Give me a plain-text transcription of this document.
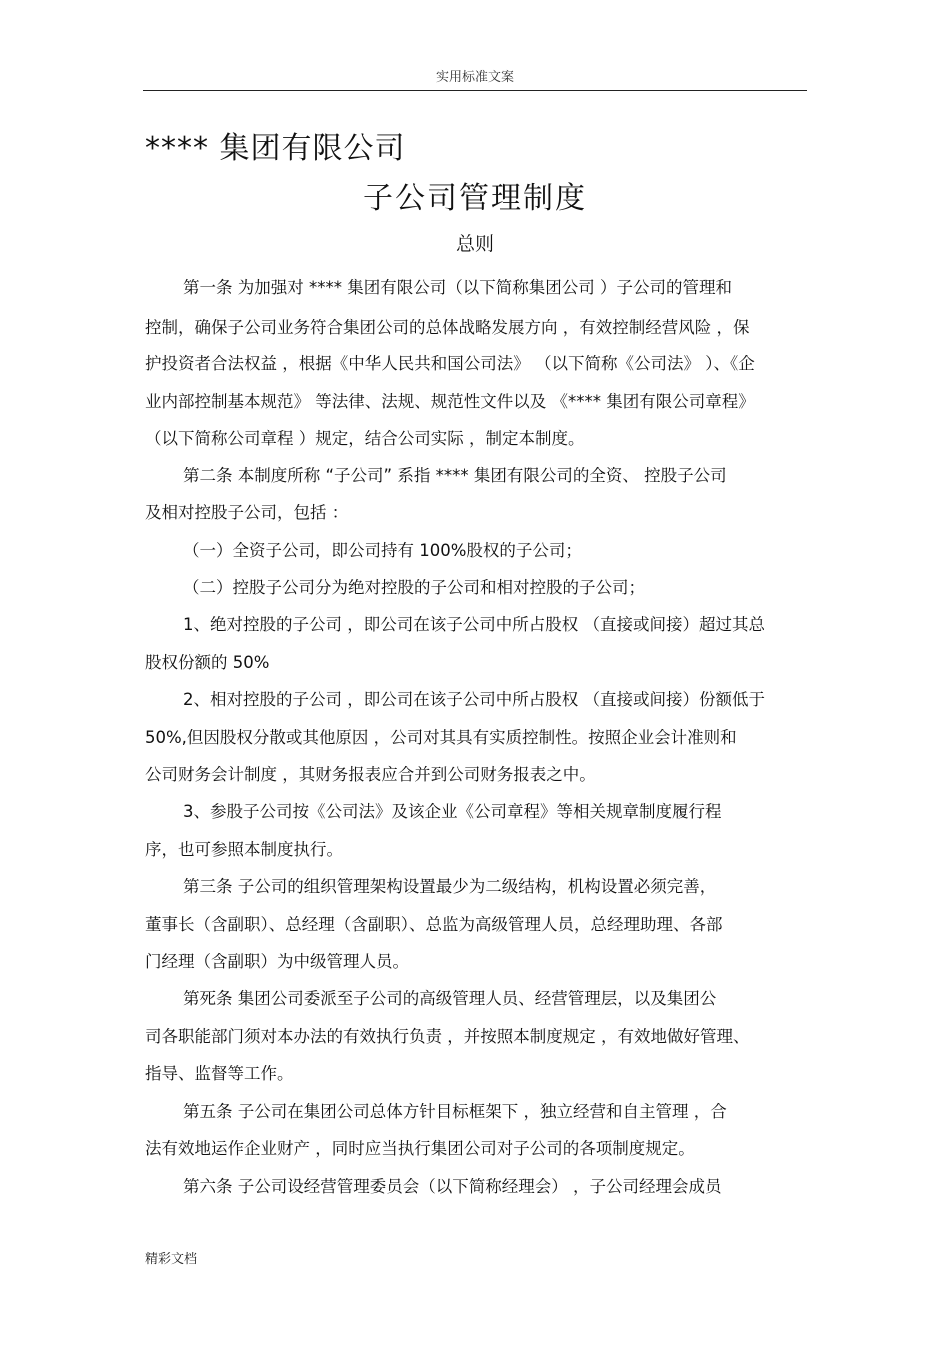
实用标准文案
**** 集团有限公司
子公司管理制度
总则
第一条 为加强对 **** 集团有限公司（以下简称集团公司 ）子公司的管理和
控制，确保子公司业务符合集团公司的总体战略发展方向 ，有效控制经营风险 ，保
护投资者合法权益 ，根据《中华人民共和国公司法》 （以下简称《公司法》 ）、《企
业内部控制基本规范》 等法律、法规、规范性文件以及 《**** 集团有限公司章程》
（以下简称公司章程 ）规定，结合公司实际 ，制定本制度。
第二条 本制度所称 “子公司” 系指 **** 集团有限公司的全资、 控股子公司
及相对控股子公司，包括 ：
（一）全资子公司，即公司持有 100%股权的子公司；
（二）控股子公司分为绝对控股的子公司和相对控股的子公司；
1、绝对控股的子公司 ，即公司在该子公司中所占股权 （直接或间接）超过其总
股权份额的 50%
2、相对控股的子公司 ，即公司在该子公司中所占股权 （直接或间接）份额低于
50%,但因股权分散或其他原因 ，公司对其具有实质控制性。按照企业会计准则和
公司财务会计制度 ，其财务报表应合并到公司财务报表之中。
3、参股子公司按《公司法》及该企业《公司章程》等相关规章制度履行程
序，也可参照本制度执行。
第三条 子公司的组织管理架构设置最少为二级结构，机构设置必须完善，
董事长（含副职）、总经理（含副职）、总监为高级管理人员，总经理助理、各部
门经理（含副职）为中级管理人员。
第死条 集团公司委派至子公司的高级管理人员、经营管理层，以及集团公
司各职能部门须对本办法的有效执行负责 ，并按照本制度规定 ，有效地做好管理、
指导、监督等工作。
第五条 子公司在集团公司总体方针目标框架下 ，独立经营和自主管理 ，合
法有效地运作企业财产 ，同时应当执行集团公司对子公司的各项制度规定。
第六条 子公司设经营管理委员会（以下简称经理会） ，子公司经理会成员
精彩文档
